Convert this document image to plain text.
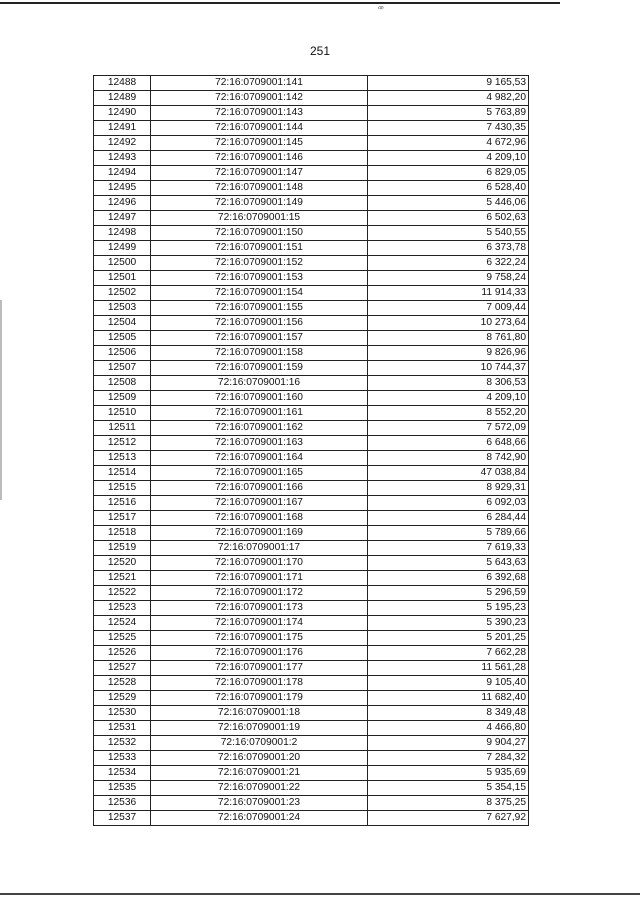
ꟹ
251
12488	72:16:0709001:141	9 165,53
12489	72:16:0709001:142	4 982,20
12490	72:16:0709001:143	5 763,89
12491	72:16:0709001:144	7 430,35
12492	72:16:0709001:145	4 672,96
12493	72:16:0709001:146	4 209,10
12494	72:16:0709001:147	6 829,05
12495	72:16:0709001:148	6 528,40
12496	72:16:0709001:149	5 446,06
12497	72:16:0709001:15	6 502,63
12498	72:16:0709001:150	5 540,55
12499	72:16:0709001:151	6 373,78
12500	72:16:0709001:152	6 322,24
12501	72:16:0709001:153	9 758,24
12502	72:16:0709001:154	11 914,33
12503	72:16:0709001:155	7 009,44
12504	72:16:0709001:156	10 273,64
12505	72:16:0709001:157	8 761,80
12506	72:16:0709001:158	9 826,96
12507	72:16:0709001:159	10 744,37
12508	72:16:0709001:16	8 306,53
12509	72:16:0709001:160	4 209,10
12510	72:16:0709001:161	8 552,20
12511	72:16:0709001:162	7 572,09
12512	72:16:0709001:163	6 648,66
12513	72:16:0709001:164	8 742,90
12514	72:16:0709001:165	47 038,84
12515	72:16:0709001:166	8 929,31
12516	72:16:0709001:167	6 092,03
12517	72:16:0709001:168	6 284,44
12518	72:16:0709001:169	5 789,66
12519	72:16:0709001:17	7 619,33
12520	72:16:0709001:170	5 643,63
12521	72:16:0709001:171	6 392,68
12522	72:16:0709001:172	5 296,59
12523	72:16:0709001:173	5 195,23
12524	72:16:0709001:174	5 390,23
12525	72:16:0709001:175	5 201,25
12526	72:16:0709001:176	7 662,28
12527	72:16:0709001:177	11 561,28
12528	72:16:0709001:178	9 105,40
12529	72:16:0709001:179	11 682,40
12530	72:16:0709001:18	8 349,48
12531	72:16:0709001:19	4 466,80
12532	72:16:0709001:2	9 904,27
12533	72:16:0709001:20	7 284,32
12534	72:16:0709001:21	5 935,69
12535	72:16:0709001:22	5 354,15
12536	72:16:0709001:23	8 375,25
12537	72:16:0709001:24	7 627,92
